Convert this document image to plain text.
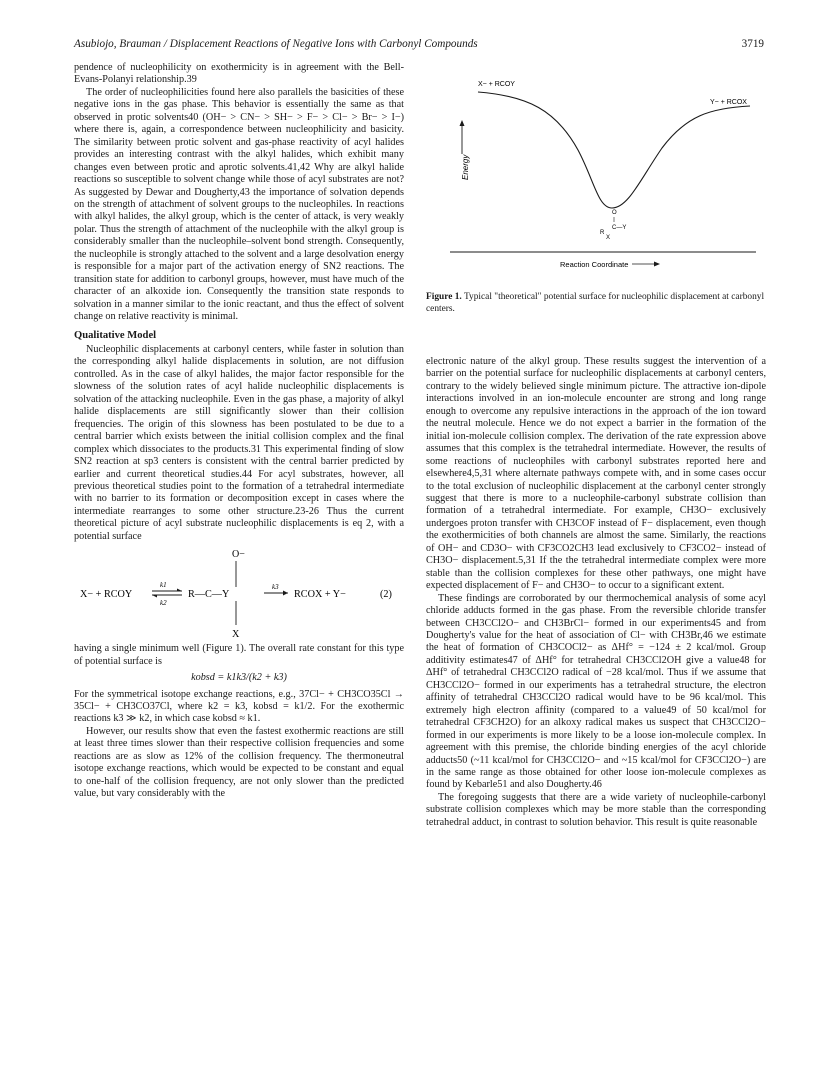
Asubiojo, Brauman / Displacement Reactions of Negative Ions with Carbonyl Compounds	3719

pendence of nucleophilicity on exothermicity is in agreement with the Bell-Evans-Polanyi relationship.39

The order of nucleophilicities found here also parallels the basicities of these negative ions in the gas phase. This behavior is essentially the same as that observed in protic solvents40 (OH− > CN− > SH− > F− > Cl− > Br− > I−) where there is, again, a correspondence between nucleophilicity and basicity. The similarity between protic solvent and gas-phase reactivity of acyl halides provides an interesting contrast with the alkyl halides, which exhibit many changes even between protic and aprotic solvents.41,42 Why are alkyl halide reactions so susceptible to solvent change while those of acyl substrates are not? As suggested by Dewar and Dougherty,43 the importance of solvation depends on the strength of attachment of solvent groups to the nucleophiles. In reactions with alkyl halides, the alkyl group, which is the center of attack, is very weakly polar. Thus the strength of attachment of the nucleophile with the alkyl group is considerably smaller than the nucleophile–solvent bond strength. Consequently, the nucleophile is strongly attached to the solvent and a large desolvation energy is responsible for a major part of the activation energy of SN2 reactions. The transition state for addition to carbonyl groups, however, must have much of the character of an alkoxide ion. Consequently the transition state responds to solvation in a manner similar to the ionic reactant, and thus the effect of solvent change on relative reactivity is minimal.

Qualitative Model

Nucleophilic displacements at carbonyl centers, while faster in solution than the corresponding alkyl halide displacements in solution, are not diffusion controlled. As in the case of alkyl halides, the major factor responsible for the slowness of the solution rates of acyl halide nucleophilic displacements is solvation of the attacking nucleophile. Even in the gas phase, a majority of alkyl halide displacements are still significantly slower than their collision frequencies. The origin of this slowness has been postulated to be due to a central barrier which exists between the initial collision complex and the final complex which dissociates to the products.31 This experimental finding of slow SN2 reaction at sp3 centers is consistent with the central barrier predicted by earlier and current theoretical studies.44 For acyl substrates, however, all previous theoretical studies point to the formation of a tetrahedral intermediate with no barrier to its formation or decomposition except in cases where the intermediate rearranges to some other structure.23-26 Thus the current theoretical picture of acyl substrate nucleophilic displacements is eq 2, with a potential surface

O−
X− + RCOY
k1
k2
R—C—Y
k3
RCOX + Y−	(2)
X

having a single minimum well (Figure 1). The overall rate constant for this type of potential surface is

kobsd = k1k3/(k2 + k3)

For the symmetrical isotope exchange reactions, e.g., 37Cl− + CH3CO35Cl → 35Cl− + CH3CO37Cl, where k2 = k3, kobsd = k1/2. For the exothermic reactions k3 ≫ k2, in which case kobsd ≈ k1.

However, our results show that even the fastest exothermic reactions are still at least three times slower than their respective collision frequencies and some reactions are as slow as 12% of the collision frequency. The thermoneutral isotope exchange reactions, which would be expected to be constant and equal to one-half of the collision frequency, are not only slower than the predicted value, but vary considerably with the

Energy
X− + RCOY
Y− + RCOX
O
C—Y
R
X
Reaction Coordinate
Figure 1. Typical "theoretical" potential surface for nucleophilic displacement at carbonyl centers.

electronic nature of the alkyl group. These results suggest the intervention of a barrier on the potential surface for nucleophilic displacements at carbonyl centers, contrary to the widely believed single minimum picture. The attractive ion-dipole interactions involved in an ion-molecule encounter are strong and long range enough to overcome any repulsive interactions in the approach of the ion toward the neutral molecule. Hence we do not expect a barrier in the formation of the initial ion-molecule collision complex. The derivation of the rate expression above assumes that this complex is the tetrahedral intermediate. However, the results of some reactions of nucleophiles with carbonyl substrates reported here and elsewhere4,5,31 where alternate pathways compete with, and in some cases occur to the total exclusion of nucleophilic displacement at the carbonyl center strongly suggest that there is more to a nucleophile-carbonyl substrate collision than formation of a tetrahedral intermediate. For example, CH3O− exclusively undergoes proton transfer with CH3COF instead of F− displacement, even though the exothermicities of both channels are almost the same. Similarly, the reactions of OH− and CD3O− with CF3CO2CH3 lead exclusively to CF3CO2− instead of CH3O− displacement.5,31 If the the tetrahedral intermediate complex were more stable than the collision complexes for these other pathways, one might have expected displacement of F− and CH3O− to occur to a significant extent.

These findings are corroborated by our thermochemical analysis of some acyl chloride adducts formed in the gas phase. From the reversible chloride transfer between CH3CCl2O− and CH3BrCl− formed in our experiments45 and from Dougherty's value for the heat of association of Cl− with CH3Br,46 we estimate the heat of formation of CH3COCl2− as ΔHf° = −124 ± 2 kcal/mol. Group additivity estimates47 of ΔHf° for tetrahedral CH3CCl2OH give a value48 for ΔHf° of tetrahedral CH3CCl2O radical of −28 kcal/mol. Thus if we assume that CH3CCl2O− formed in our experiments has a tetrahedral structure, the electron affinity of tetrahedral CH3CCl2O radical would have to be 96 kcal/mol. This extremely high electron affinity (compared to a value49 of 50 kcal/mol for tetrahedral CF3CH2O) for an alkoxy radical makes us suspect that CH3CCl2O− formed in our experiments is more likely to be a loose ion-molecule complex. In agreement with this premise, the chloride binding energies of the acyl chloride adducts50 (~11 kcal/mol for CH3CCl2O− and ~15 kcal/mol for CF3CCl2O−) are in the same range as those obtained for other loose ion-molecule complexes as found by Kebarle51 and also Dougherty.46

The foregoing suggests that there are a wide variety of nucleophile-carbonyl substrate collision complexes which may be more stable than the corresponding tetrahedral adduct, in contrast to solution behavior. This result is quite reasonable
